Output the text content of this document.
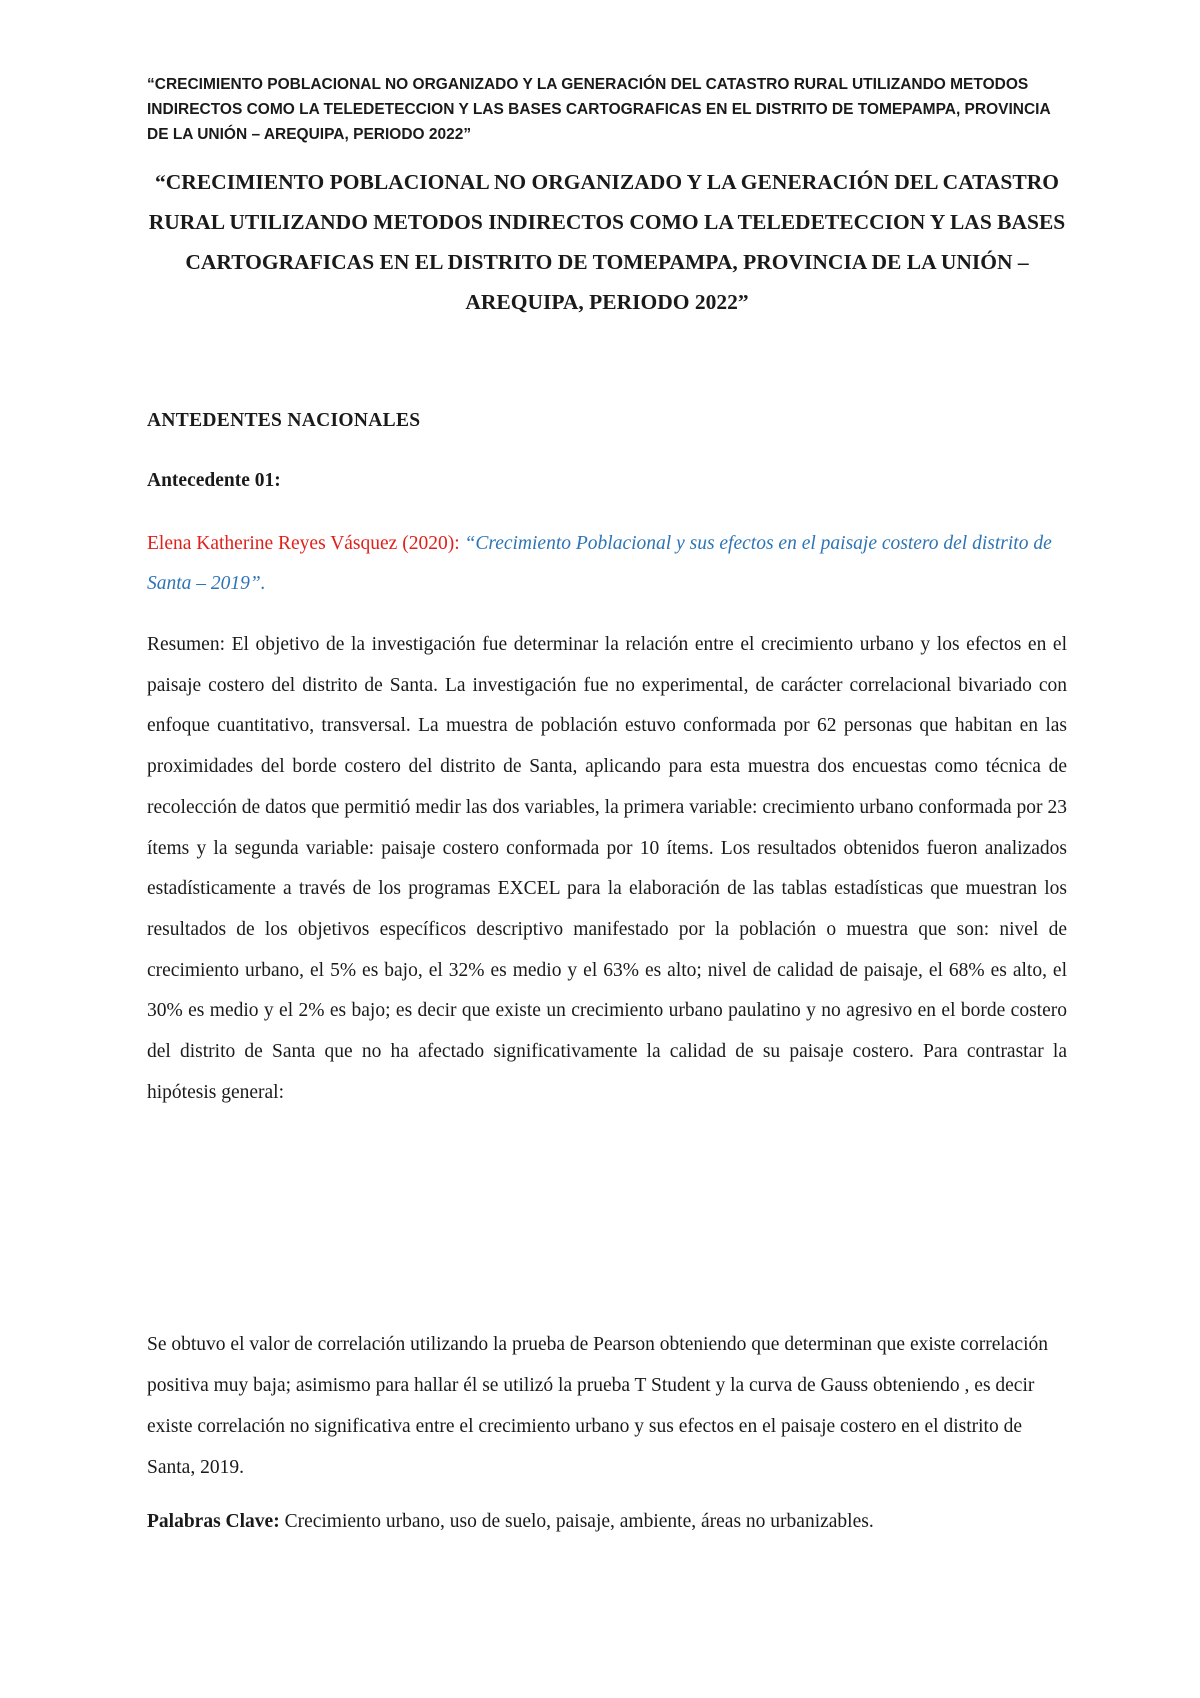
“CRECIMIENTO POBLACIONAL NO ORGANIZADO Y LA GENERACIÓN DEL CATASTRO RURAL UTILIZANDO METODOS INDIRECTOS COMO LA TELEDETECCION Y LAS BASES CARTOGRAFICAS EN EL DISTRITO DE TOMEPAMPA, PROVINCIA DE LA UNIÓN – AREQUIPA, PERIODO 2022”
“CRECIMIENTO POBLACIONAL NO ORGANIZADO Y LA GENERACIÓN DEL CATASTRO RURAL UTILIZANDO METODOS INDIRECTOS COMO LA TELEDETECCION Y LAS BASES CARTOGRAFICAS EN EL DISTRITO DE TOMEPAMPA, PROVINCIA DE LA UNIÓN – AREQUIPA, PERIODO 2022”
ANTEDENTES NACIONALES
Antecedente 01:
Elena Katherine Reyes Vásquez (2020): “Crecimiento Poblacional y sus efectos en el paisaje costero del distrito de Santa – 2019”.
Resumen: El objetivo de la investigación fue determinar la relación entre el crecimiento urbano y los efectos en el paisaje costero del distrito de Santa. La investigación fue no experimental, de carácter correlacional bivariado con enfoque cuantitativo, transversal. La muestra de población estuvo conformada por 62 personas que habitan en las proximidades del borde costero del distrito de Santa, aplicando para esta muestra dos encuestas como técnica de recolección de datos que permitió medir las dos variables, la primera variable: crecimiento urbano conformada por 23 ítems y la segunda variable: paisaje costero conformada por 10 ítems. Los resultados obtenidos fueron analizados estadísticamente a través de los programas EXCEL para la elaboración de las tablas estadísticas que muestran los resultados de los objetivos específicos descriptivo manifestado por la población o muestra que son: nivel de crecimiento urbano, el 5% es bajo, el 32% es medio y el 63% es alto; nivel de calidad de paisaje, el 68% es alto, el 30% es medio y el 2% es bajo; es decir que existe un crecimiento urbano paulatino y no agresivo en el borde costero del distrito de Santa que no ha afectado significativamente la calidad de su paisaje costero. Para contrastar la hipótesis general:
Se obtuvo el valor de correlación utilizando la prueba de Pearson obteniendo que determinan que existe correlación positiva muy baja; asimismo para hallar él se utilizó la prueba T Student y la curva de Gauss obteniendo , es decir existe correlación no significativa entre el crecimiento urbano y sus efectos en el paisaje costero en el distrito de Santa, 2019.
Palabras Clave: Crecimiento urbano, uso de suelo, paisaje, ambiente, áreas no urbanizables.
